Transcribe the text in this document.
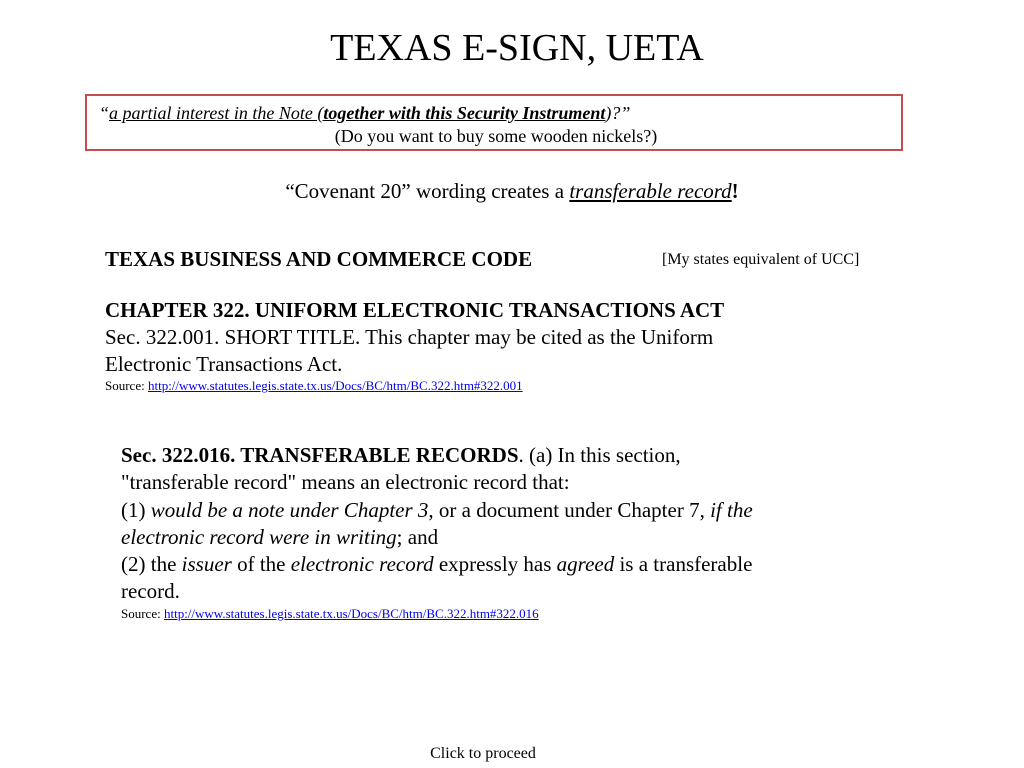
TEXAS E-SIGN, UETA
“a partial interest in the Note (together with this Security Instrument)?”
(Do you want to buy some wooden nickels?)
“Covenant 20” wording creates a transferable record!
TEXAS BUSINESS AND COMMERCE CODE	[My states equivalent of UCC]
CHAPTER 322. UNIFORM ELECTRONIC TRANSACTIONS ACT
Sec. 322.001. SHORT TITLE. This chapter may be cited as the Uniform
Electronic Transactions Act.
Source: http://www.statutes.legis.state.tx.us/Docs/BC/htm/BC.322.htm#322.001
Sec. 322.016. TRANSFERABLE RECORDS. (a) In this section,
"transferable record" means an electronic record that:
(1) would be a note under Chapter 3, or a document under Chapter 7, if the
electronic record were in writing; and
(2) the issuer of the electronic record expressly has agreed is a transferable
record.
Source: http://www.statutes.legis.state.tx.us/Docs/BC/htm/BC.322.htm#322.016
Click to proceed
